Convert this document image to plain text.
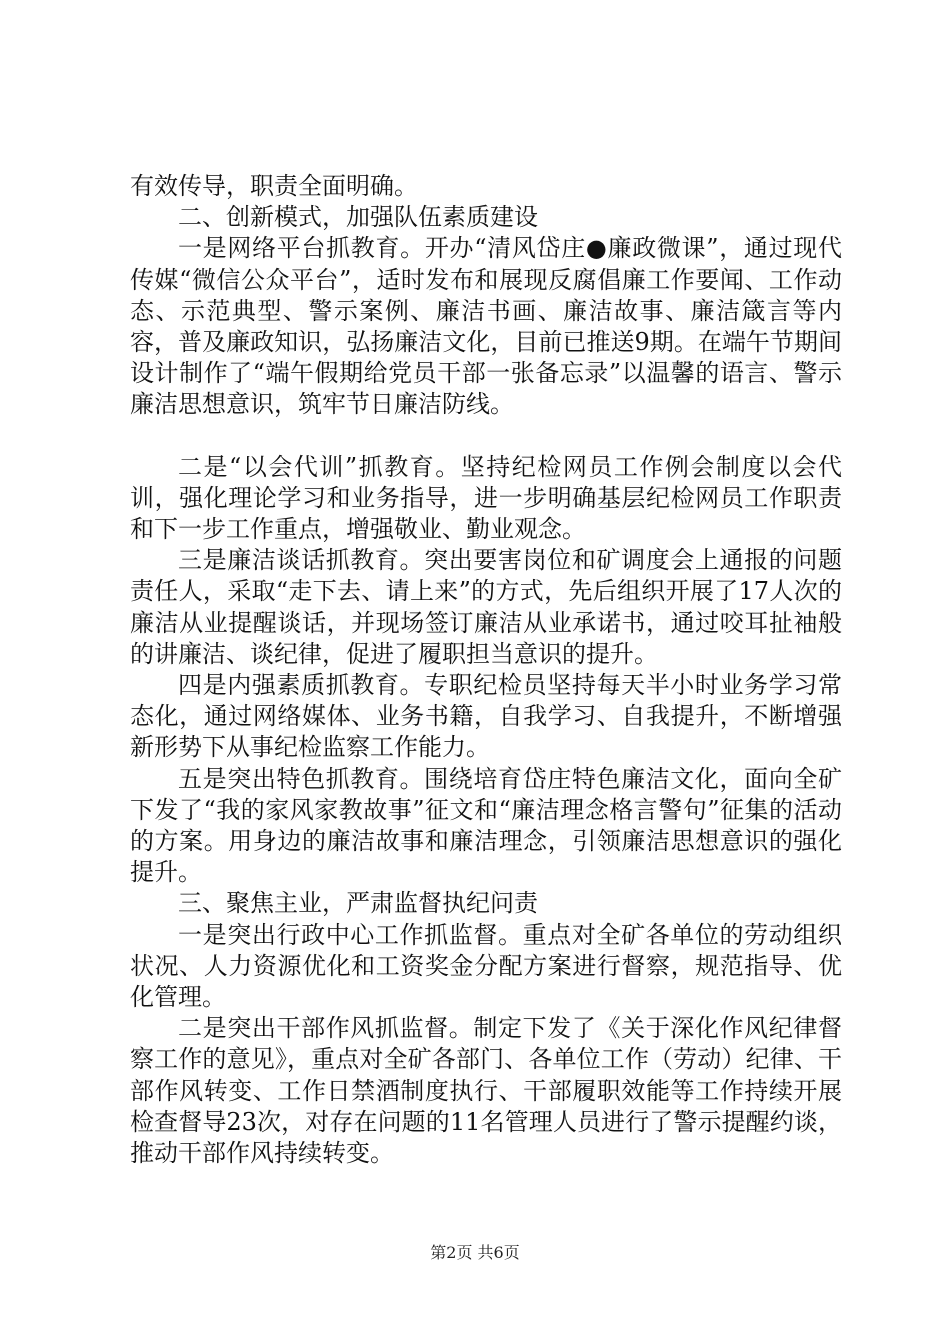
有效传导，职责全面明确。

二、创新模式，加强队伍素质建设

一是网络平台抓教育。开办“清风岱庄●廉政微课”，通过现代传媒“微信公众平台”，适时发布和展现反腐倡廉工作要闻、工作动态、示范典型、警示案例、廉洁书画、廉洁故事、廉洁箴言等内容，普及廉政知识，弘扬廉洁文化，目前已推送9期。在端午节期间设计制作了“端午假期给党员干部一张备忘录”以温馨的语言、警示廉洁思想意识，筑牢节日廉洁防线。

二是“以会代训”抓教育。坚持纪检网员工作例会制度以会代训，强化理论学习和业务指导，进一步明确基层纪检网员工作职责和下一步工作重点，增强敬业、勤业观念。

三是廉洁谈话抓教育。突出要害岗位和矿调度会上通报的问题责任人，采取“走下去、请上来”的方式，先后组织开展了17人次的廉洁从业提醒谈话，并现场签订廉洁从业承诺书，通过咬耳扯袖般的讲廉洁、谈纪律，促进了履职担当意识的提升。

四是内强素质抓教育。专职纪检员坚持每天半小时业务学习常态化，通过网络媒体、业务书籍，自我学习、自我提升，不断增强新形势下从事纪检监察工作能力。

五是突出特色抓教育。围绕培育岱庄特色廉洁文化，面向全矿下发了“我的家风家教故事”征文和“廉洁理念格言警句”征集的活动的方案。用身边的廉洁故事和廉洁理念，引领廉洁思想意识的强化提升。

三、聚焦主业，严肃监督执纪问责

一是突出行政中心工作抓监督。重点对全矿各单位的劳动组织状况、人力资源优化和工资奖金分配方案进行督察，规范指导、优化管理。

二是突出干部作风抓监督。制定下发了《关于深化作风纪律督察工作的意见》，重点对全矿各部门、各单位工作（劳动）纪律、干部作风转变、工作日禁酒制度执行、干部履职效能等工作持续开展检查督导23次，对存在问题的11名管理人员进行了警示提醒约谈，推动干部作风持续转变。

第2页 共6页
